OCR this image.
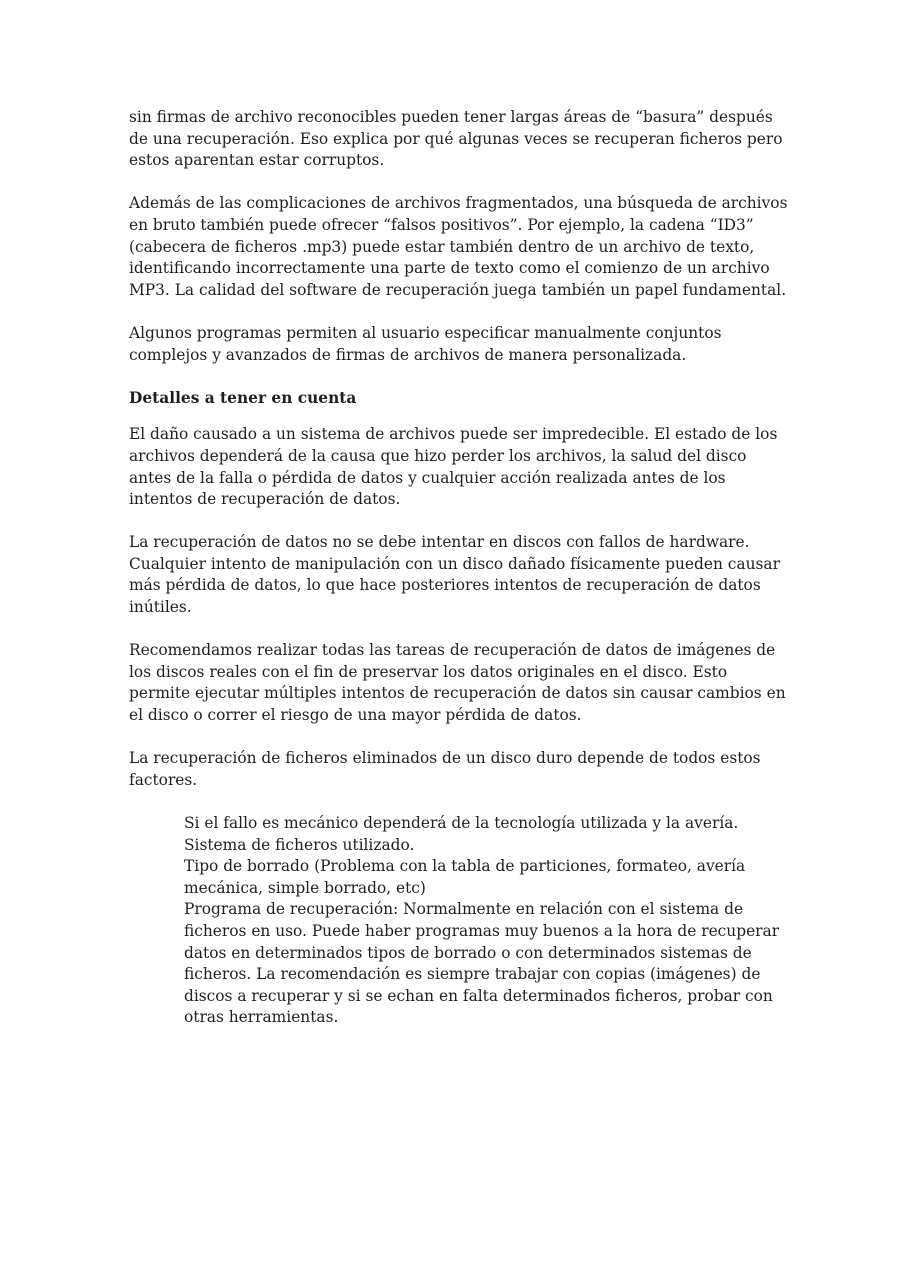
sin firmas de archivo reconocibles pueden tener largas áreas de “basura” después de una recuperación. Eso explica por qué algunas veces se recuperan ficheros pero estos aparentan estar corruptos.

Además de las complicaciones de archivos fragmentados, una búsqueda de archivos en bruto también puede ofrecer “falsos positivos”. Por ejemplo, la cadena “ID3” (cabecera de ficheros .mp3) puede estar también dentro de un archivo de texto, identificando incorrectamente una parte de texto como el comienzo de un archivo MP3. La calidad del software de recuperación juega también un papel fundamental.

Algunos programas permiten al usuario especificar manualmente conjuntos complejos y avanzados de firmas de archivos de manera personalizada.

Detalles a tener en cuenta

El daño causado a un sistema de archivos puede ser impredecible. El estado de los archivos dependerá de la causa que hizo perder los archivos, la salud del disco antes de la falla o pérdida de datos y cualquier acción realizada antes de los intentos de recuperación de datos.

La recuperación de datos no se debe intentar en discos con fallos de hardware. Cualquier intento de manipulación con un disco dañado físicamente pueden causar más pérdida de datos, lo que hace posteriores intentos de recuperación de datos inútiles.

Recomendamos realizar todas las tareas de recuperación de datos de imágenes de los discos reales con el fin de preservar los datos originales en el disco. Esto permite ejecutar múltiples intentos de recuperación de datos sin causar cambios en el disco o correr el riesgo de una mayor pérdida de datos.

La recuperación de ficheros eliminados de un disco duro depende de todos estos factores.

Si el fallo es mecánico dependerá de la tecnología utilizada y la avería.
Sistema de ficheros utilizado.
Tipo de borrado (Problema con la tabla de particiones, formateo, avería mecánica, simple borrado, etc)
Programa de recuperación: Normalmente en relación con el sistema de ficheros en uso. Puede haber programas muy buenos a la hora de recuperar datos en determinados tipos de borrado o con determinados sistemas de ficheros. La recomendación es siempre trabajar con copias (imágenes) de discos a recuperar y si se echan en falta determinados ficheros, probar con otras herramientas.
